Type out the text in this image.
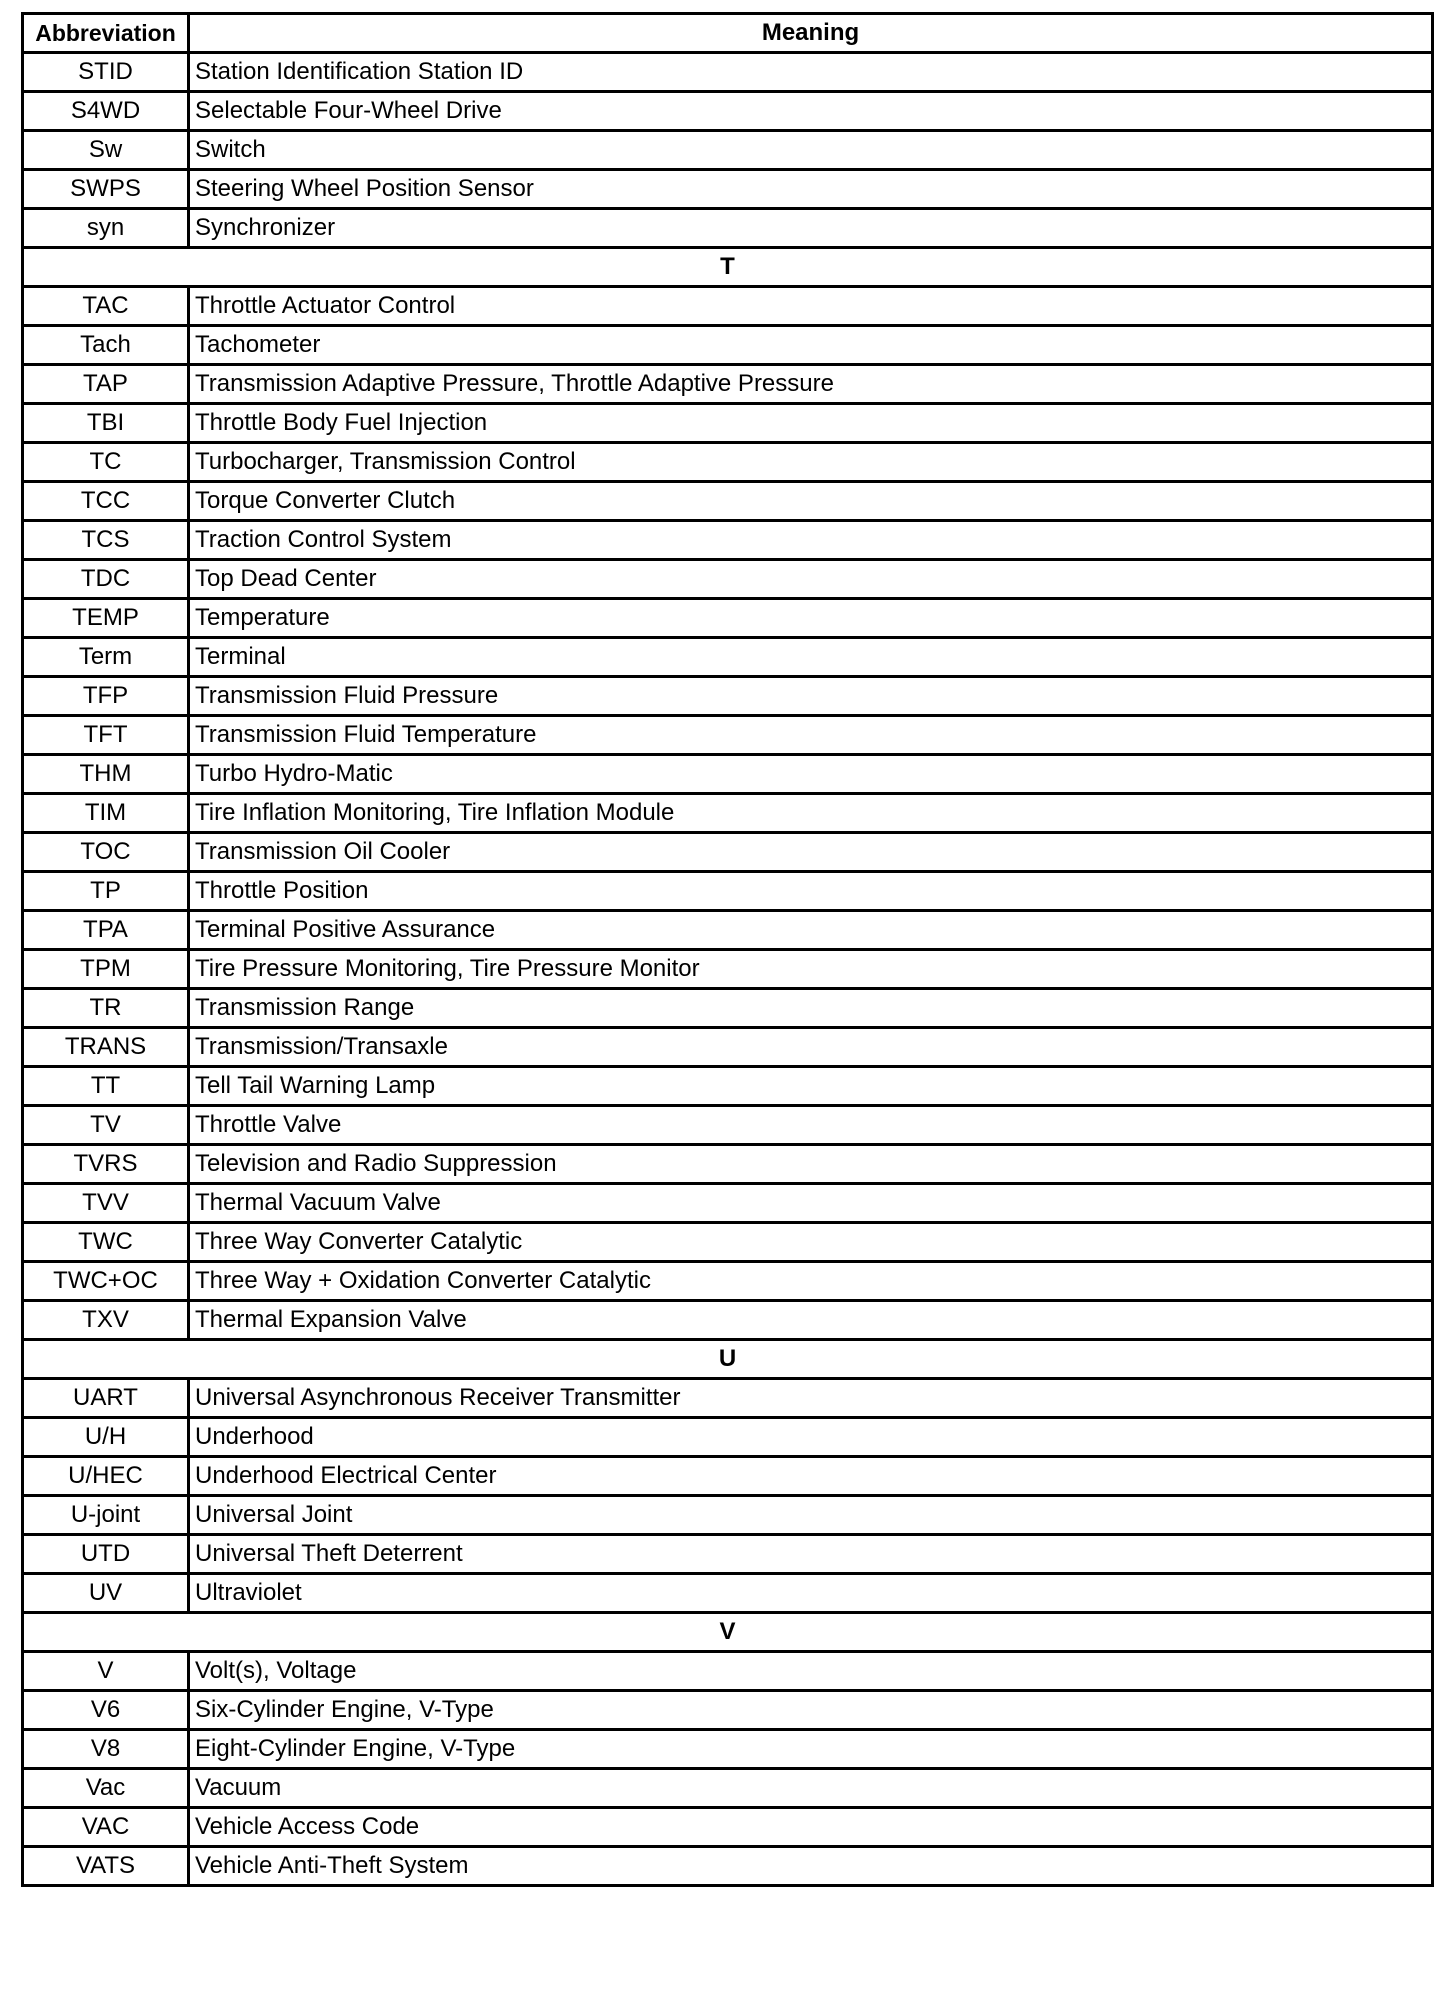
Abbreviation	Meaning
STID	Station Identification Station ID
S4WD	Selectable Four-Wheel Drive
Sw	Switch
SWPS	Steering Wheel Position Sensor
syn	Synchronizer
T	
TAC	Throttle Actuator Control
Tach	Tachometer
TAP	Transmission Adaptive Pressure, Throttle Adaptive Pressure
TBI	Throttle Body Fuel Injection
TC	Turbocharger, Transmission Control
TCC	Torque Converter Clutch
TCS	Traction Control System
TDC	Top Dead Center
TEMP	Temperature
Term	Terminal
TFP	Transmission Fluid Pressure
TFT	Transmission Fluid Temperature
THM	Turbo Hydro-Matic
TIM	Tire Inflation Monitoring, Tire Inflation Module
TOC	Transmission Oil Cooler
TP	Throttle Position
TPA	Terminal Positive Assurance
TPM	Tire Pressure Monitoring, Tire Pressure Monitor
TR	Transmission Range
TRANS	Transmission/Transaxle
TT	Tell Tail Warning Lamp
TV	Throttle Valve
TVRS	Television and Radio Suppression
TVV	Thermal Vacuum Valve
TWC	Three Way Converter Catalytic
TWC+OC	Three Way + Oxidation Converter Catalytic
TXV	Thermal Expansion Valve
U	
UART	Universal Asynchronous Receiver Transmitter
U/H	Underhood
U/HEC	Underhood Electrical Center
U-joint	Universal Joint
UTD	Universal Theft Deterrent
UV	Ultraviolet
V	
V	Volt(s), Voltage
V6	Six-Cylinder Engine, V-Type
V8	Eight-Cylinder Engine, V-Type
Vac	Vacuum
VAC	Vehicle Access Code
VATS	Vehicle Anti-Theft System
